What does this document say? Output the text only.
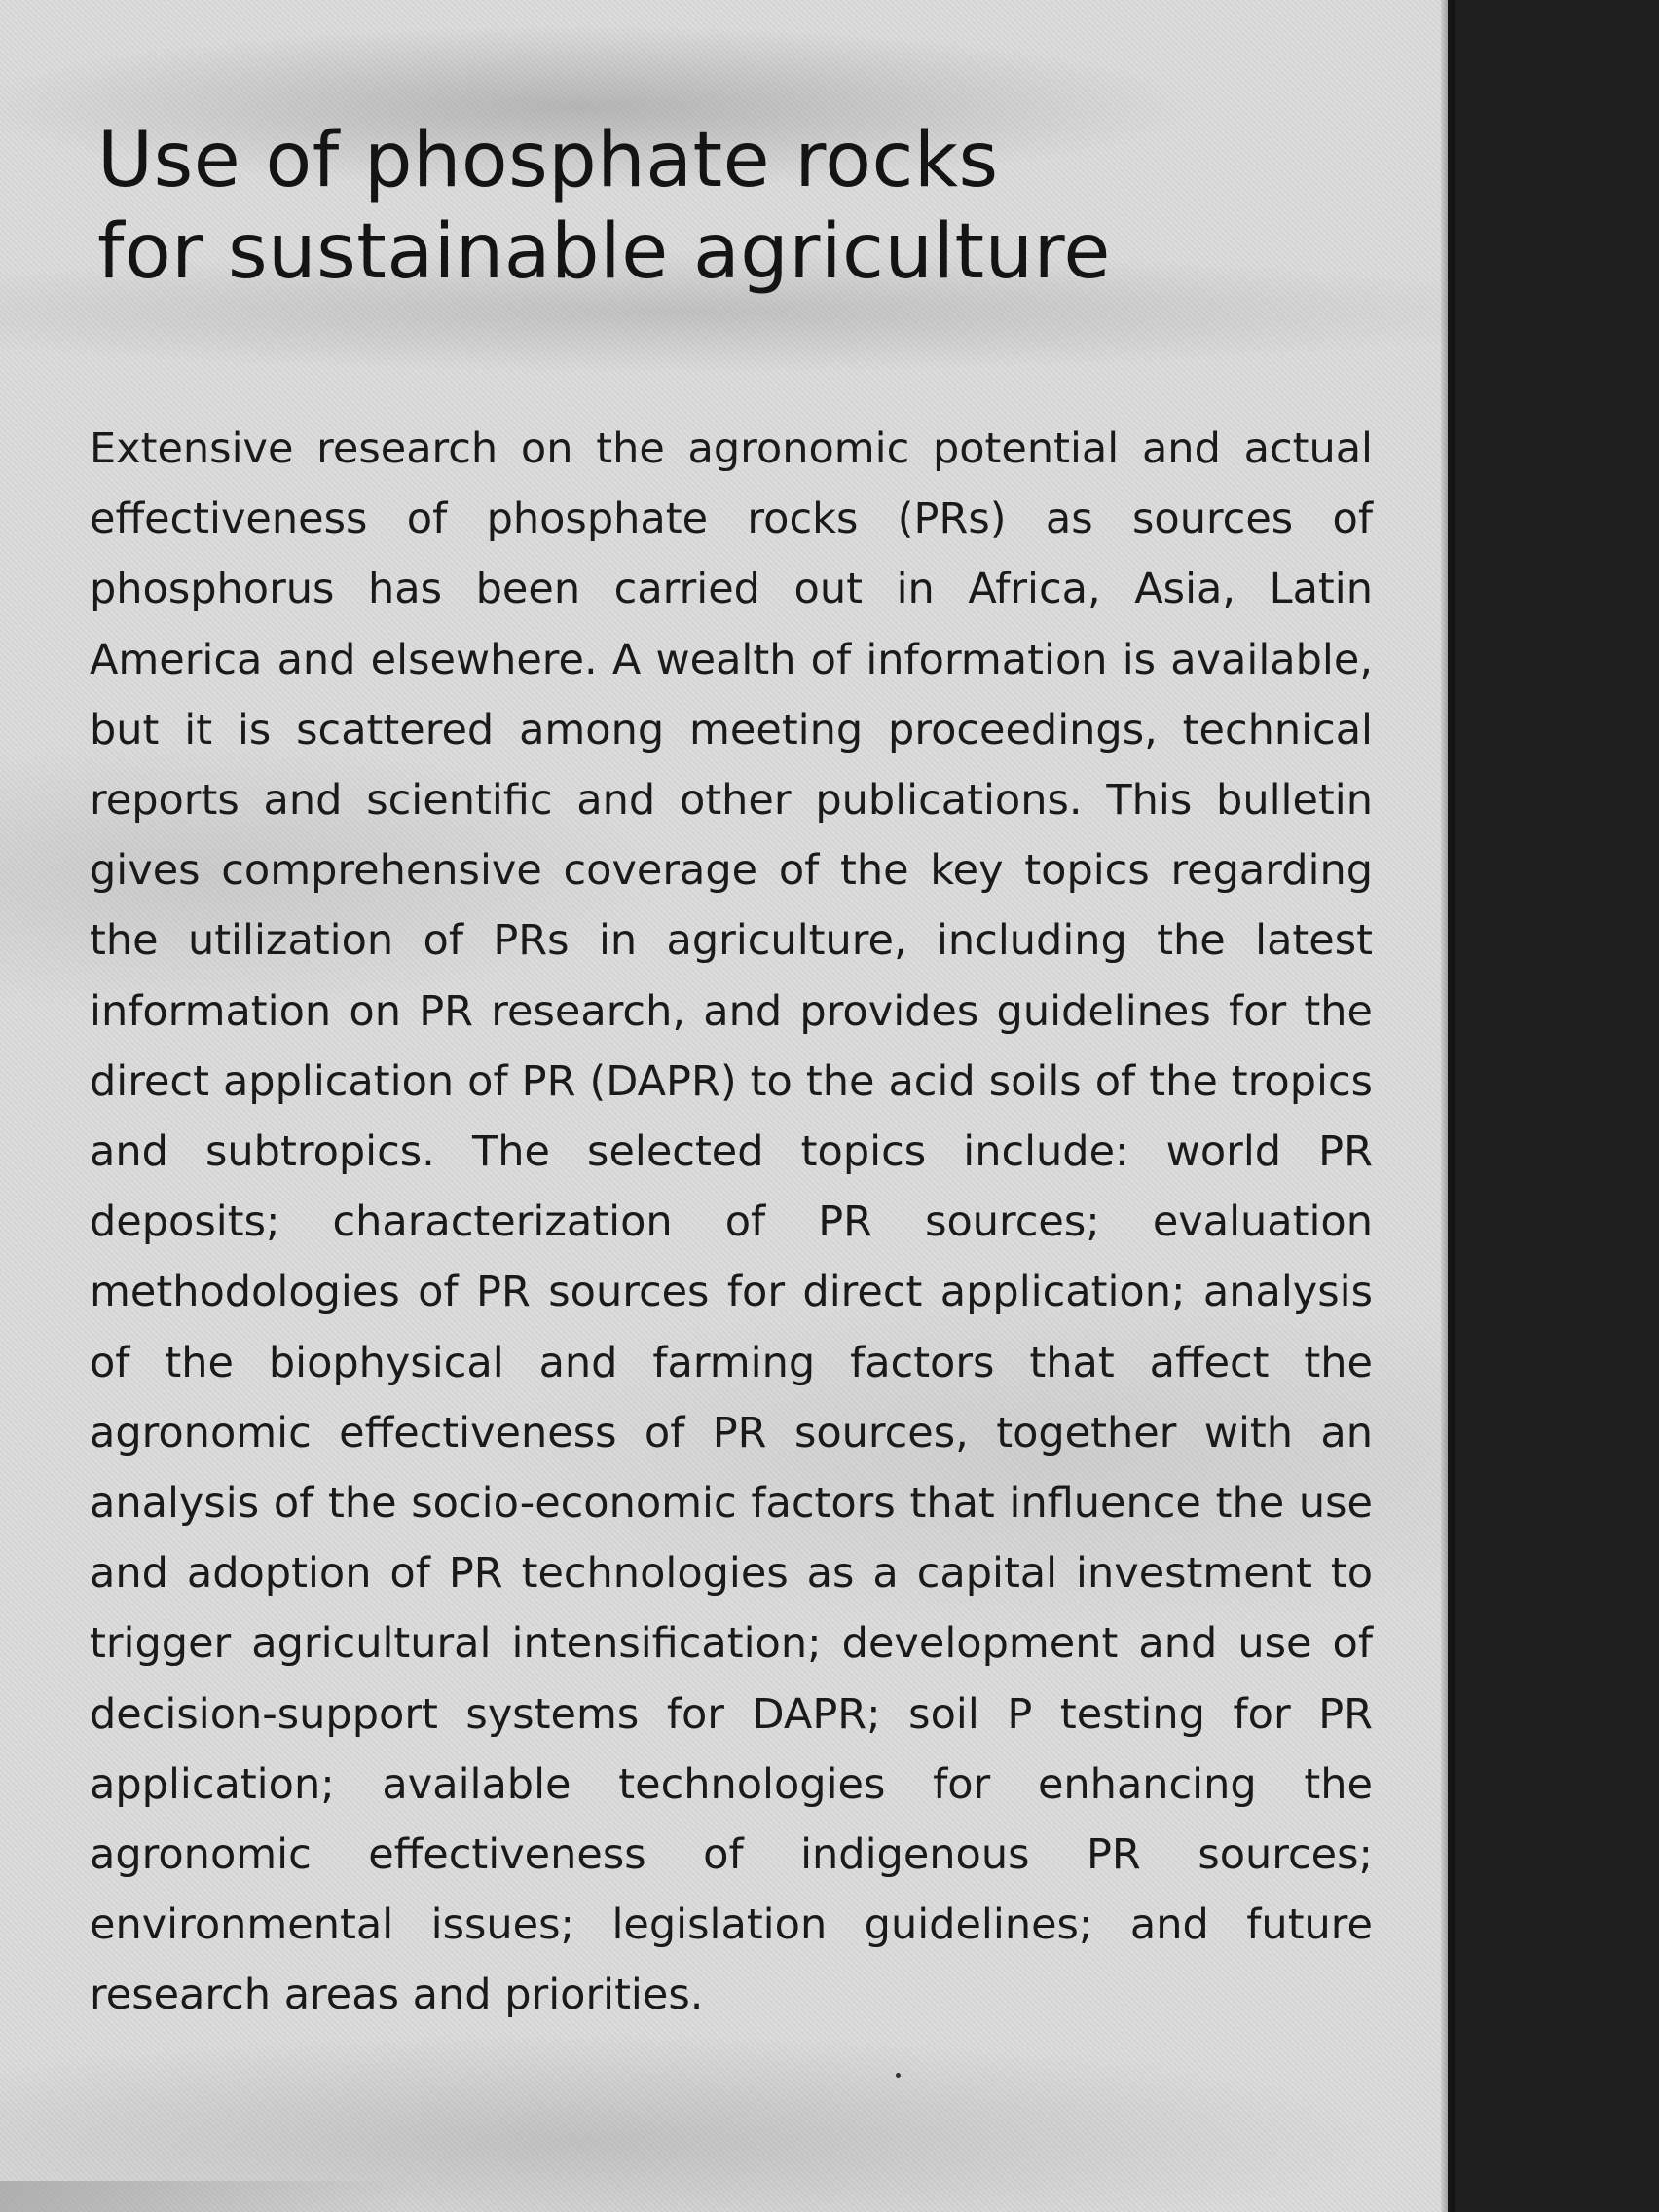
Use of phosphate rocks
for sustainable agriculture

Extensive research on the agronomic potential and actual effectiveness of phosphate rocks (PRs) as sources of phosphorus has been carried out in Africa, Asia, Latin America and elsewhere. A wealth of information is available, but it is scattered among meeting proceedings, technical reports and scientific and other publications. This bulletin gives comprehensive coverage of the key topics regarding the utilization of PRs in agriculture, including the latest information on PR research, and provides guidelines for the direct application of PR (DAPR) to the acid soils of the tropics and subtropics. The selected topics include: world PR deposits; characterization of PR sources; evaluation methodologies of PR sources for direct application; analysis of the biophysical and farming factors that affect the agronomic effectiveness of PR sources, together with an analysis of the socio-economic factors that influence the use and adoption of PR technologies as a capital investment to trigger agricultural intensification; development and use of decision-support systems for DAPR; soil P testing for PR application; available technologies for enhancing the agronomic effectiveness of indigenous PR sources; environmental issues; legislation guidelines; and future research areas and priorities.
